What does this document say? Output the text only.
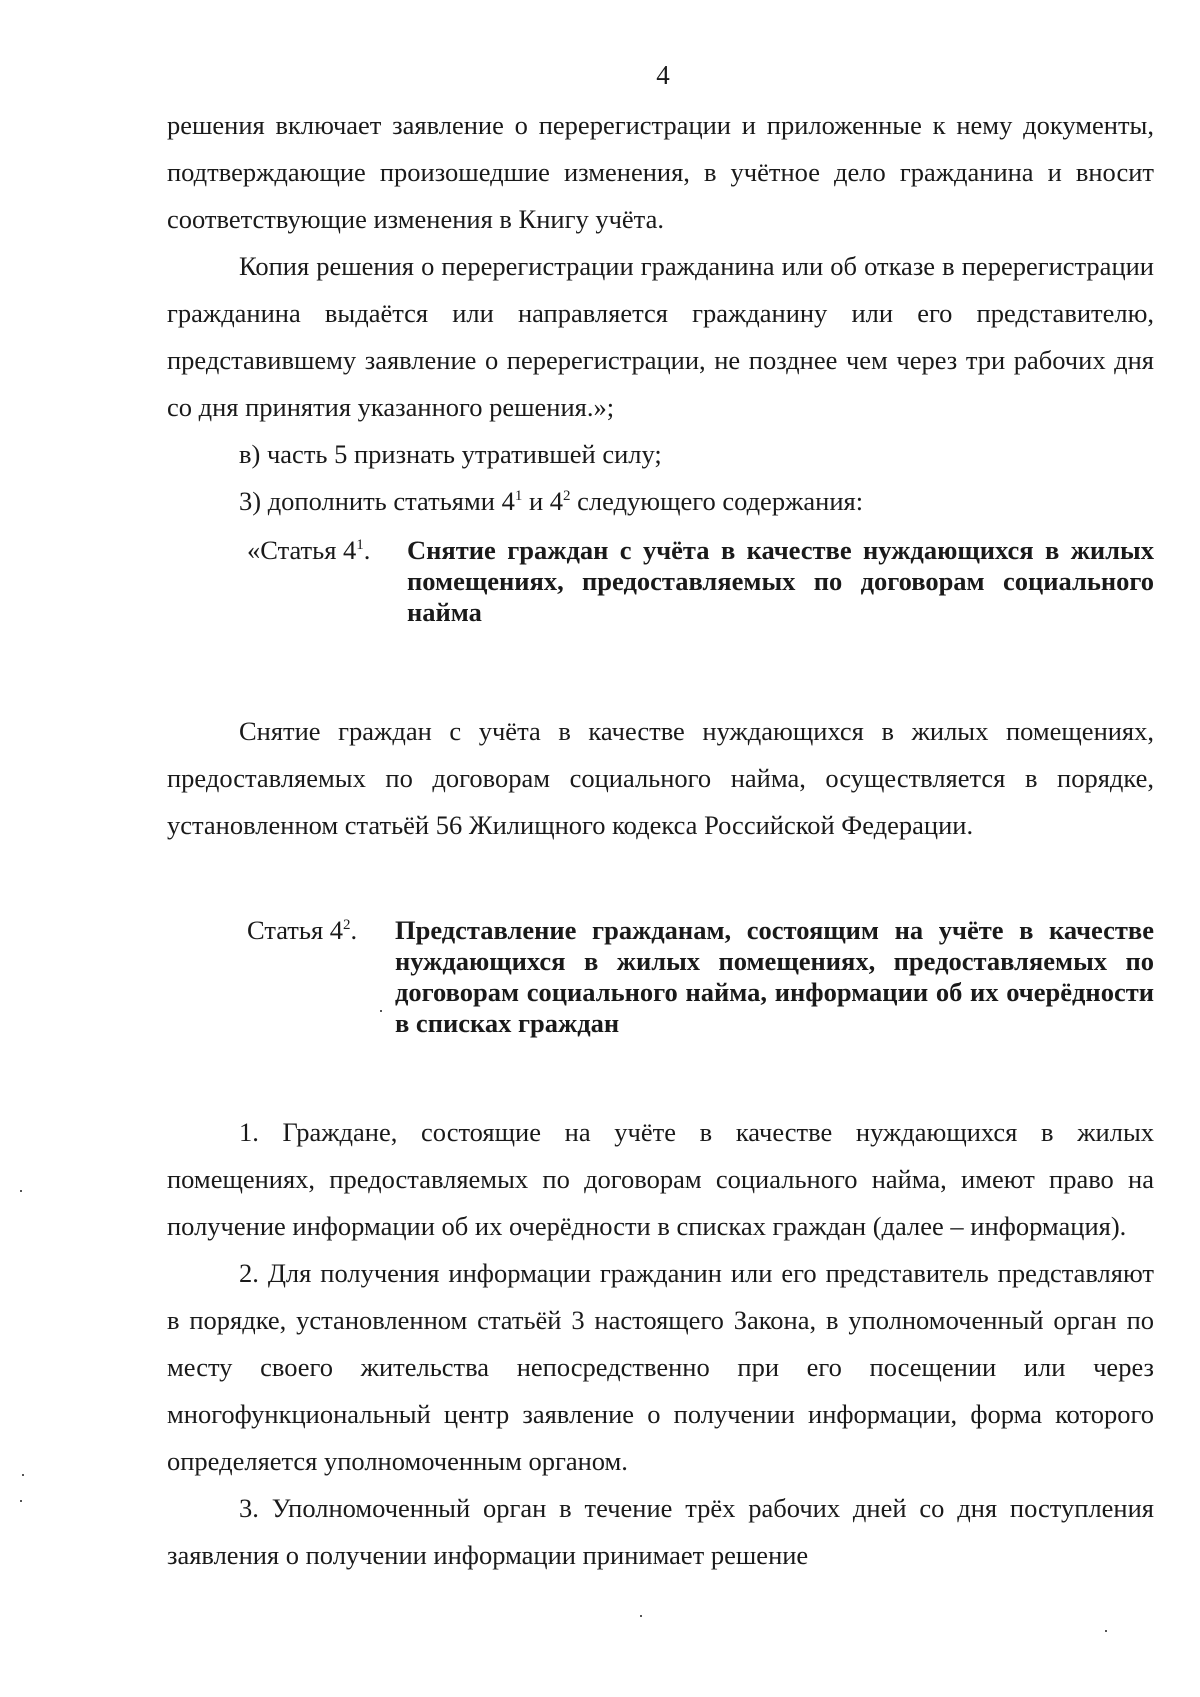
4

решения включает заявление о перерегистрации и приложенные к нему документы, подтверждающие произошедшие изменения, в учётное дело гражданина и вносит соответствующие изменения в Книгу учёта.

Копия решения о перерегистрации гражданина или об отказе в перерегистрации гражданина выдаётся или направляется гражданину или его представителю, представившему заявление о перерегистрации, не позднее чем через три рабочих дня со дня принятия указанного решения.»;

в) часть 5 признать утратившей силу;

3) дополнить статьями $4^1$ и $4^2$ следующего содержания:

«Статья $4^1$.	Снятие граждан с учёта в качестве нуждающихся в жилых помещениях, предоставляемых по договорам социального найма

Снятие граждан с учёта в качестве нуждающихся в жилых помещениях, предоставляемых по договорам социального найма, осуществляется в порядке, установленном статьёй 56 Жилищного кодекса Российской Федерации.

Статья $4^2$.	Представление гражданам, состоящим на учёте в качестве нуждающихся в жилых помещениях, предоставляемых по договорам социального найма, информации об их очерёдности в списках граждан

1. Граждане, состоящие на учёте в качестве нуждающихся в жилых помещениях, предоставляемых по договорам социального найма, имеют право на получение информации об их очерёдности в списках граждан (далее – информация).

2. Для получения информации гражданин или его представитель представляют в порядке, установленном статьёй 3 настоящего Закона, в уполномоченный орган по месту своего жительства непосредственно при его посещении или через многофункциональный центр заявление о получении информации, форма которого определяется уполномоченным органом.

3. Уполномоченный орган в течение трёх рабочих дней со дня поступления заявления о получении информации принимает решение
